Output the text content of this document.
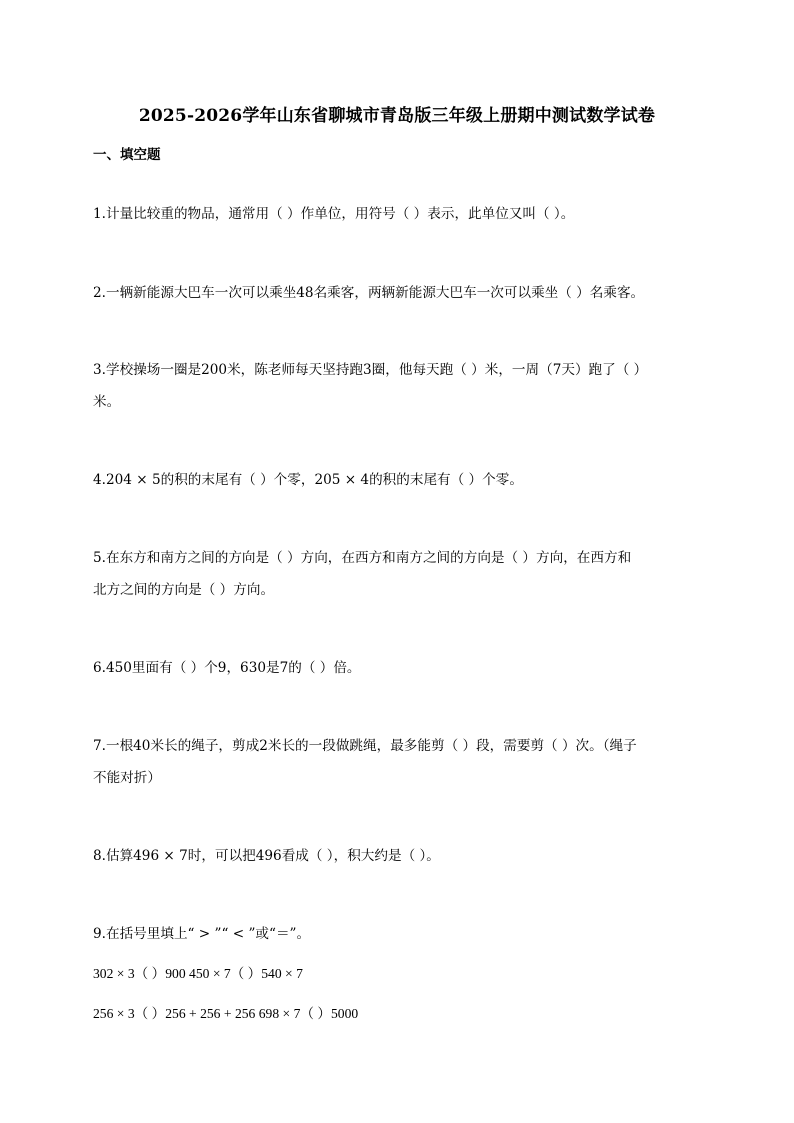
2025-2026学年山东省聊城市青岛版三年级上册期中测试数学试卷
一、填空题
1.计量比较重的物品，通常用（ ）作单位，用符号（ ）表示，此单位又叫（ ）。
2.一辆新能源大巴车一次可以乘坐48名乘客，两辆新能源大巴车一次可以乘坐（ ）名乘客。
3.学校操场一圈是200米，陈老师每天坚持跑3圈，他每天跑（ ）米，一周（7天）跑了（ ）
米。
4.204 × 5的积的末尾有（ ）个零，205 × 4的积的末尾有（ ）个零。
5.在东方和南方之间的方向是（ ）方向，在西方和南方之间的方向是（ ）方向，在西方和
北方之间的方向是（ ）方向。
6.450里面有（ ）个9，630是7的（ ）倍。
7.一根40米长的绳子，剪成2米长的一段做跳绳，最多能剪（ ）段，需要剪（ ）次。（绳子
不能对折）
8.估算496 × 7时，可以把496看成（ ），积大约是（ ）。
9.在括号里填上“ > ”“ < ”或“＝”。
302 × 3（ ）900 450 × 7（ ）540 × 7
256 × 3（ ）256 + 256 + 256 698 × 7（ ）5000
